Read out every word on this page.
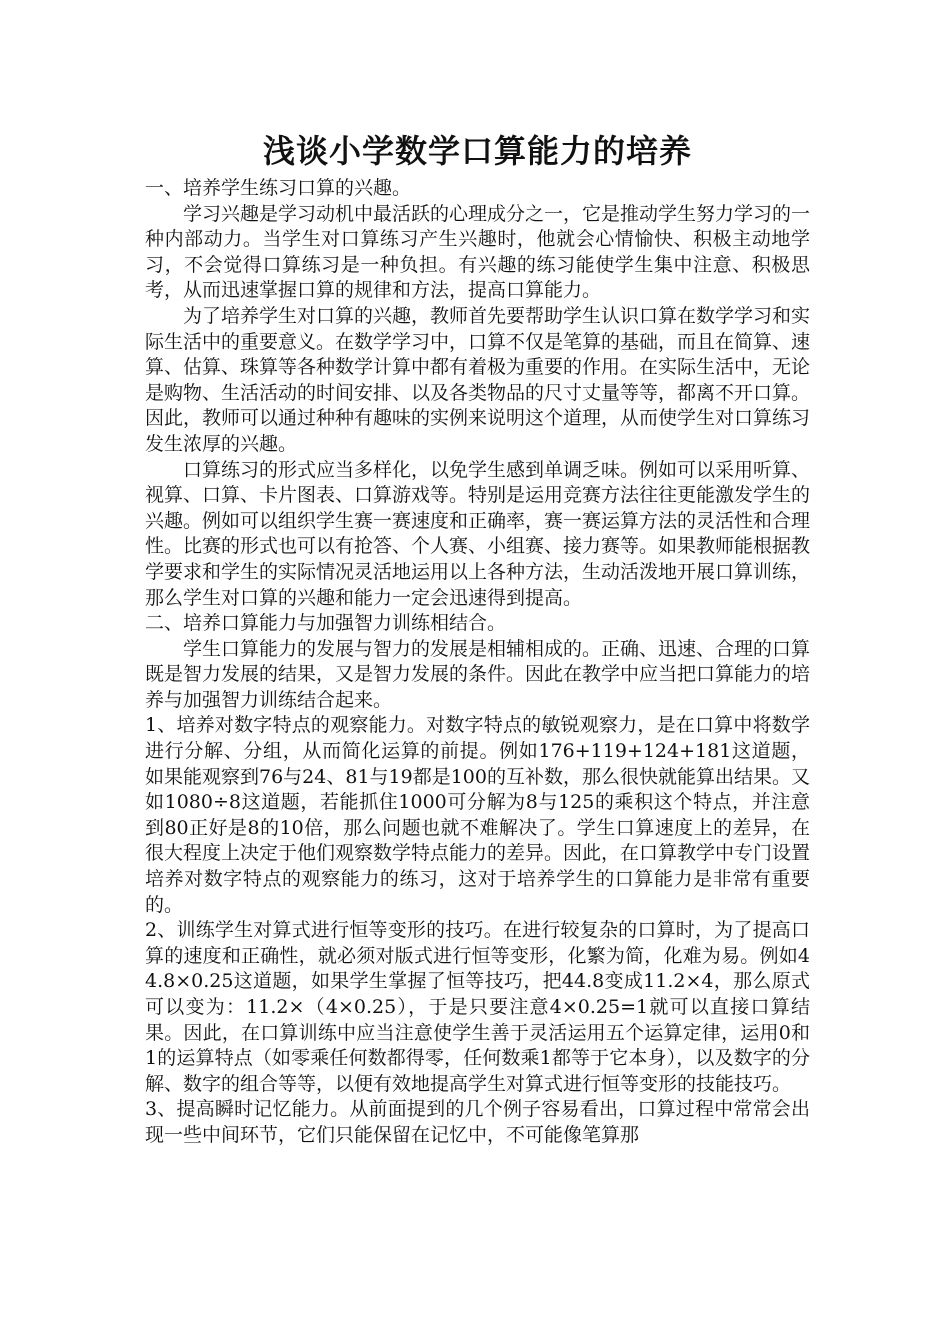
浅谈小学数学口算能力的培养

一、培养学生练习口算的兴趣。

学习兴趣是学习动机中最活跃的心理成分之一，它是推动学生努力学习的一种内部动力。当学生对口算练习产生兴趣时，他就会心情愉快、积极主动地学习，不会觉得口算练习是一种负担。有兴趣的练习能使学生集中注意、积极思考，从而迅速掌握口算的规律和方法，提高口算能力。

为了培养学生对口算的兴趣，教师首先要帮助学生认识口算在数学学习和实际生活中的重要意义。在数学学习中，口算不仅是笔算的基础，而且在简算、速算、估算、珠算等各种数学计算中都有着极为重要的作用。在实际生活中，无论是购物、生活活动的时间安排、以及各类物品的尺寸丈量等等，都离不开口算。因此，教师可以通过种种有趣味的实例来说明这个道理，从而使学生对口算练习发生浓厚的兴趣。

口算练习的形式应当多样化，以免学生感到单调乏味。例如可以采用听算、视算、口算、卡片图表、口算游戏等。特别是运用竞赛方法往往更能激发学生的兴趣。例如可以组织学生赛一赛速度和正确率，赛一赛运算方法的灵活性和合理性。比赛的形式也可以有抢答、个人赛、小组赛、接力赛等。如果教师能根据教学要求和学生的实际情况灵活地运用以上各种方法，生动活泼地开展口算训练，那么学生对口算的兴趣和能力一定会迅速得到提高。

二、培养口算能力与加强智力训练相结合。

学生口算能力的发展与智力的发展是相辅相成的。正确、迅速、合理的口算既是智力发展的结果，又是智力发展的条件。因此在教学中应当把口算能力的培养与加强智力训练结合起来。

1、培养对数字特点的观察能力。对数字特点的敏锐观察力，是在口算中将数学进行分解、分组，从而简化运算的前提。例如176+119+124+181这道题，如果能观察到76与24、81与19都是100的互补数，那么很快就能算出结果。又如1080÷8这道题，若能抓住1000可分解为8与125的乘积这个特点，并注意到80正好是8的10倍，那么问题也就不难解决了。学生口算速度上的差异，在很大程度上决定于他们观察数学特点能力的差异。因此，在口算教学中专门设置培养对数字特点的观察能力的练习，这对于培养学生的口算能力是非常有重要的。

2、训练学生对算式进行恒等变形的技巧。在进行较复杂的口算时，为了提高口算的速度和正确性，就必须对版式进行恒等变形，化繁为简，化难为易。例如44.8×0.25这道题，如果学生掌握了恒等技巧，把44.8变成11.2×4，那么原式可以变为：11.2×（4×0.25），于是只要注意4×0.25=1就可以直接口算结果。因此，在口算训练中应当注意使学生善于灵活运用五个运算定律，运用0和1的运算特点（如零乘任何数都得零，任何数乘1都等于它本身），以及数字的分解、数字的组合等等，以便有效地提高学生对算式进行恒等变形的技能技巧。

3、提高瞬时记忆能力。从前面提到的几个例子容易看出，口算过程中常常会出现一些中间环节，它们只能保留在记忆中，不可能像笔算那
